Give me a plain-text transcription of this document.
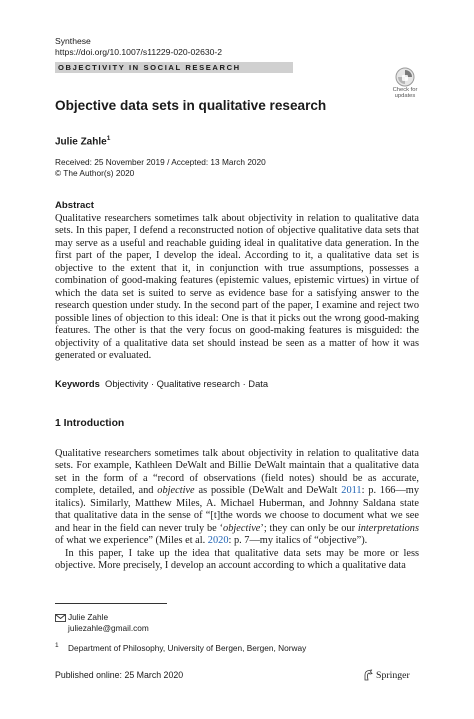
Synthese
https://doi.org/10.1007/s11229-020-02630-2
OBJECTIVITY IN SOCIAL RESEARCH
Check for updates
Objective data sets in qualitative research
Julie Zahle$^1$
Received: 25 November 2019 / Accepted: 13 March 2020
© The Author(s) 2020
Abstract
Qualitative researchers sometimes talk about objectivity in relation to qualitative data sets. In this paper, I defend a reconstructed notion of objective qualitative data sets that may serve as a useful and reachable guiding ideal in qualitative data generation. In the first part of the paper, I develop the ideal. According to it, a qualitative data set is objective to the extent that it, in conjunction with true assumptions, possesses a combination of good-making features (epistemic values, epistemic virtues) in virtue of which the data set is suited to serve as evidence base for a satisfying answer to the research question under study. In the second part of the paper, I examine and reject two possible lines of objection to this ideal: One is that it picks out the wrong good-making features. The other is that the very focus on good-making features is misguided: the objectivity of a qualitative data set should instead be seen as a matter of how it was generated or evaluated.
Keywords Objectivity · Qualitative research · Data
1 Introduction
Qualitative researchers sometimes talk about objectivity in relation to qualitative data sets. For example, Kathleen DeWalt and Billie DeWalt maintain that a qualitative data set in the form of a “record of observations (field notes) should be as accurate, complete, detailed, and objective as possible (DeWalt and DeWalt 2011: p. 166—my italics). Similarly, Matthew Miles, A. Michael Huberman, and Johnny Saldana state that qualitative data in the sense of “[t]the words we choose to document what we see and hear in the field can never truly be ‘objective’; they can only be our interpretations of what we experience” (Miles et al. 2020: p. 7—my italics of “objective”).
In this paper, I take up the idea that qualitative data sets may be more or less objective. More precisely, I develop an account according to which a qualitative data
Julie Zahle
juliezahle@gmail.com
1 Department of Philosophy, University of Bergen, Bergen, Norway
Published online: 25 March 2020	Springer
